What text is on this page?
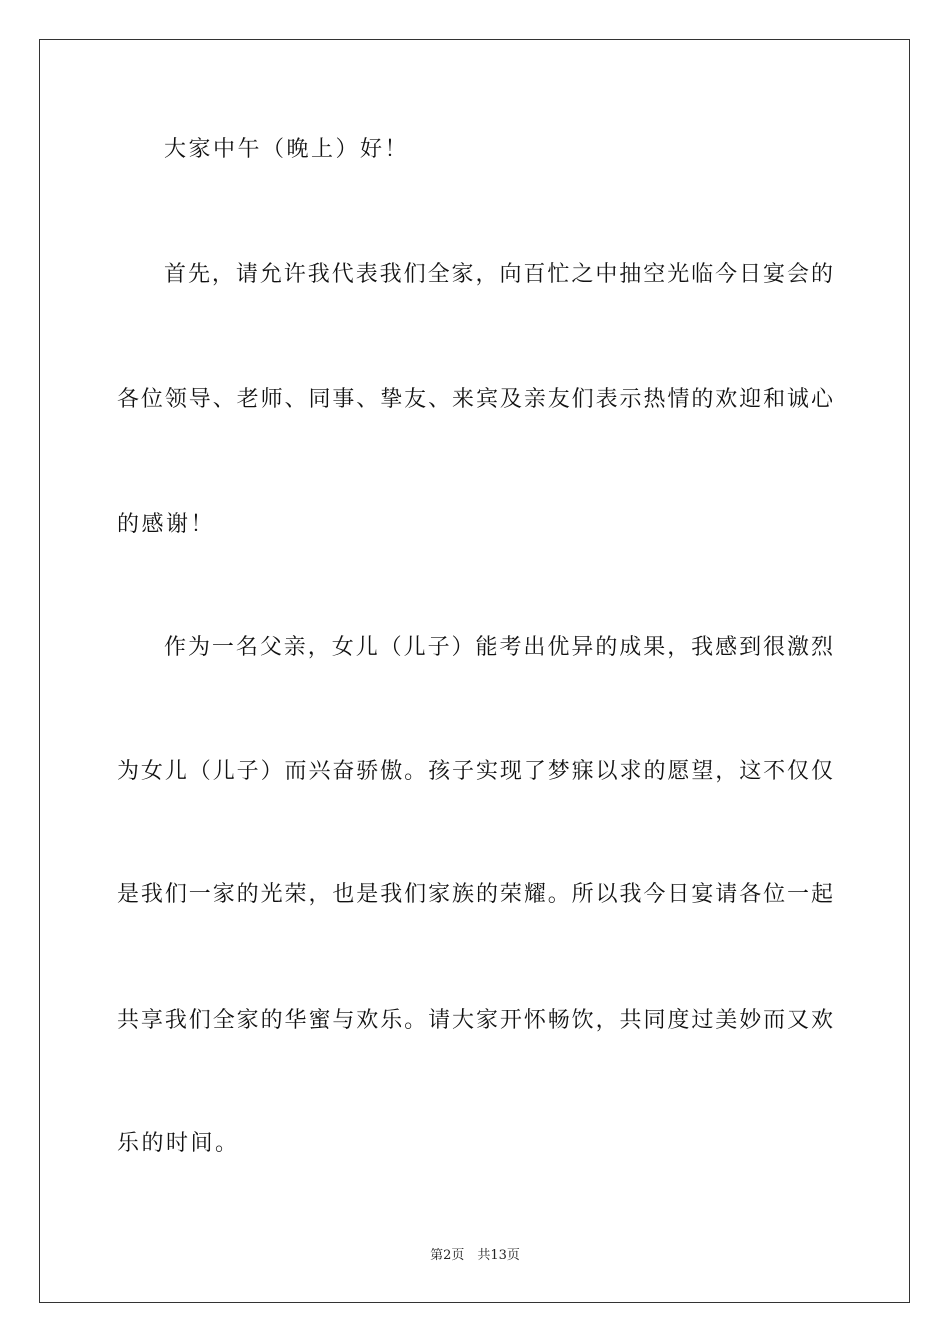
大家中午（晚上）好！
首先，请允许我代表我们全家，向百忙之中抽空光临今日宴会的
各位领导、老师、同事、挚友、来宾及亲友们表示热情的欢迎和诚心
的感谢！
作为一名父亲，女儿（儿子）能考出优异的成果，我感到很激烈
为女儿（儿子）而兴奋骄傲。孩子实现了梦寐以求的愿望，这不仅仅
是我们一家的光荣，也是我们家族的荣耀。所以我今日宴请各位一起
共享我们全家的华蜜与欢乐。请大家开怀畅饮，共同度过美妙而又欢
乐的时间。
第2页　共13页
